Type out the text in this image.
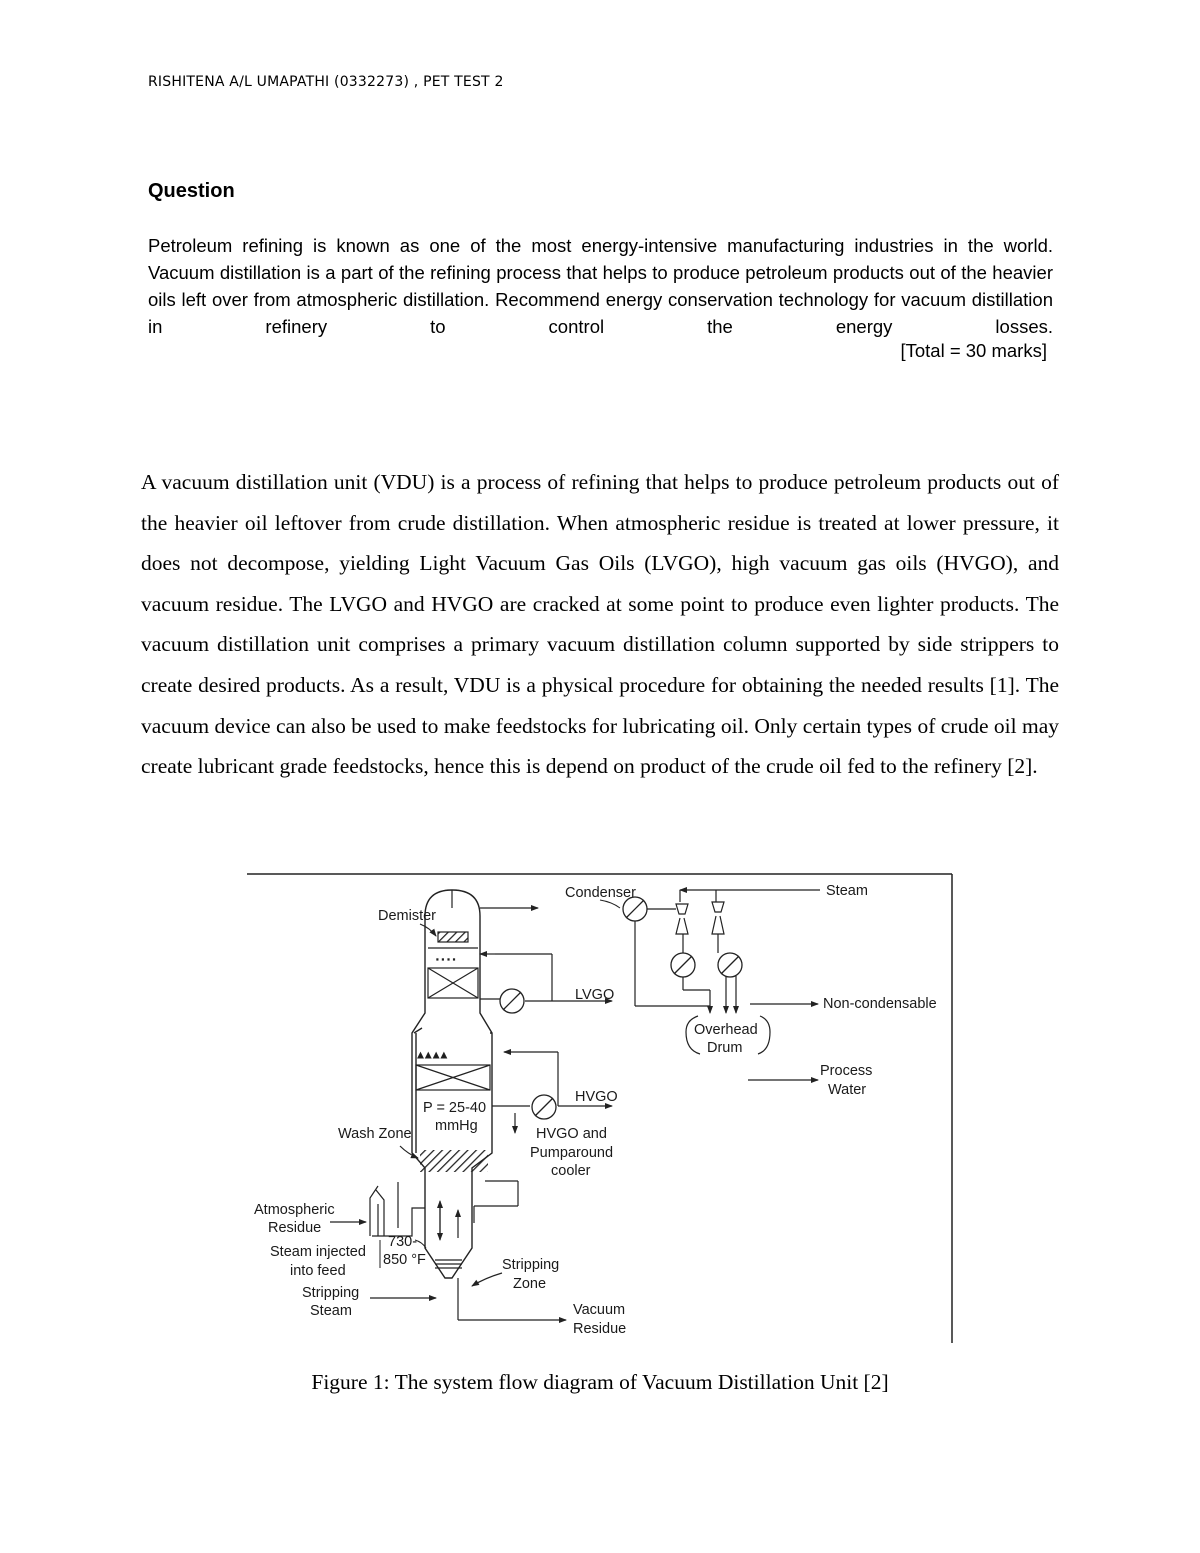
RISHITENA A/L UMAPATHI (0332273) , PET TEST 2
Question
Petroleum refining is known as one of the most energy-intensive manufacturing industries in the world. Vacuum distillation is a part of the refining process that helps to produce petroleum products out of the heavier oils left over from atmospheric distillation. Recommend energy conservation technology for vacuum distillation in refinery to control the energy losses.
[Total = 30 marks]
A vacuum distillation unit (VDU) is a process of refining that helps to produce petroleum products out of the heavier oil leftover from crude distillation. When atmospheric residue is treated at lower pressure, it does not decompose, yielding Light Vacuum Gas Oils (LVGO), high vacuum gas oils (HVGO), and vacuum residue. The LVGO and HVGO are cracked at some point to produce even lighter products. The vacuum distillation unit comprises a primary vacuum distillation column supported by side strippers to create desired products. As a result, VDU is a physical procedure for obtaining the needed results [1]. The vacuum device can also be used to make feedstocks for lubricating oil. Only certain types of crude oil may create lubricant grade feedstocks, hence this is depend on product of the crude oil fed to the refinery [2].
. . . .
▴ ▴ ▴ ▴
Demister
Condenser	Steam
Overhead
Drum
Non-condensable
Process
Water
LVGO
HVGO
P = 25-40
mmHg	HVGO and
Pumparound
cooler
Wash Zone
Atmospheric
Residue
730-
850 °F
Steam injected
into feed
Stripping
Steam
Stripping
Zone
Vacuum
Residue
Figure 1: The system flow diagram of Vacuum Distillation Unit [2]
